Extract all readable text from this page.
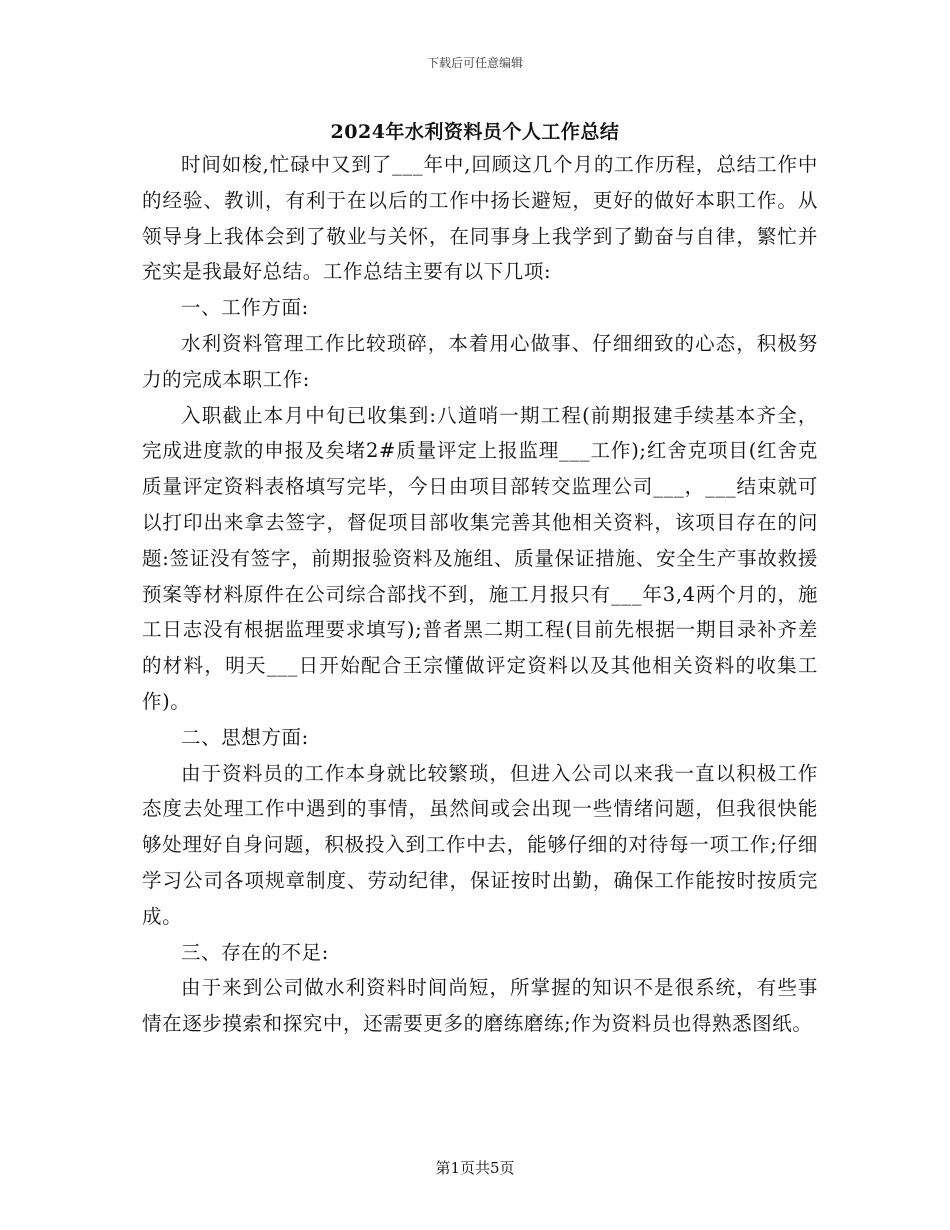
下载后可任意编辑
2024年水利资料员个人工作总结

时间如梭,忙碌中又到了___年中,回顾这几个月的工作历程，总结工作中的经验、教训，有利于在以后的工作中扬长避短，更好的做好本职工作。从领导身上我体会到了敬业与关怀，在同事身上我学到了勤奋与自律，繁忙并充实是我最好总结。工作总结主要有以下几项:

一、工作方面:

水利资料管理工作比较琐碎，本着用心做事、仔细细致的心态，积极努力的完成本职工作:

入职截止本月中旬已收集到:八道哨一期工程(前期报建手续基本齐全，完成进度款的申报及矣堵2#质量评定上报监理___工作);红舍克项目(红舍克质量评定资料表格填写完毕，今日由项目部转交监理公司___，___结束就可以打印出来拿去签字，督促项目部收集完善其他相关资料，该项目存在的问题:签证没有签字，前期报验资料及施组、质量保证措施、安全生产事故救援预案等材料原件在公司综合部找不到，施工月报只有___年3,4两个月的，施工日志没有根据监理要求填写);普者黑二期工程(目前先根据一期目录补齐差的材料，明天___日开始配合王宗懂做评定资料以及其他相关资料的收集工作)。

二、思想方面:

由于资料员的工作本身就比较繁琐，但进入公司以来我一直以积极工作态度去处理工作中遇到的事情，虽然间或会出现一些情绪问题，但我很快能够处理好自身问题，积极投入到工作中去，能够仔细的对待每一项工作;仔细学习公司各项规章制度、劳动纪律，保证按时出勤，确保工作能按时按质完成。

三、存在的不足:

由于来到公司做水利资料时间尚短，所掌握的知识不是很系统，有些事情在逐步摸索和探究中，还需要更多的磨练磨练;作为资料员也得熟悉图纸。

第1页共5页
